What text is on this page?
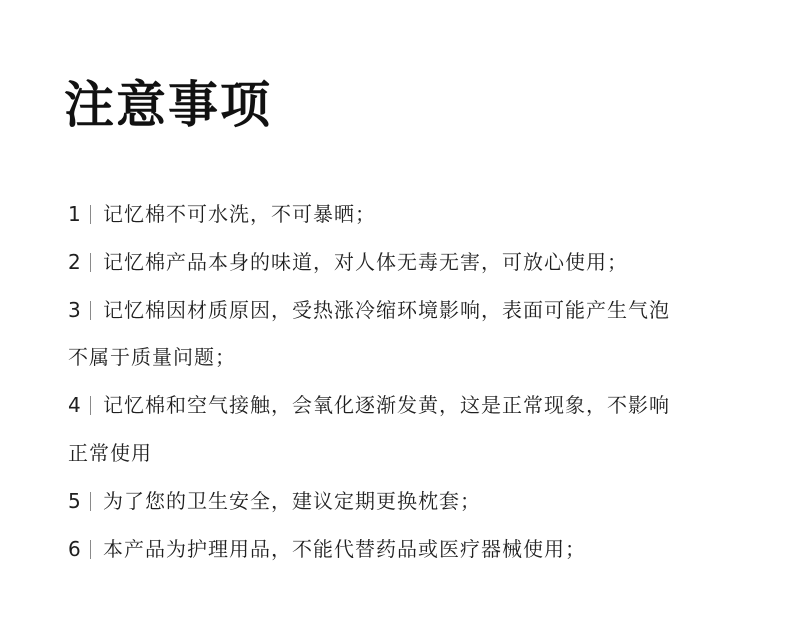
注意事项
1 记忆棉不可水洗，不可暴晒；
2 记忆棉产品本身的味道，对人体无毒无害，可放心使用；
3 记忆棉因材质原因，受热涨冷缩环境影响，表面可能产生气泡
不属于质量问题；
4 记忆棉和空气接触，会氧化逐渐发黄，这是正常现象，不影响
正常使用
5 为了您的卫生安全，建议定期更换枕套；
6 本产品为护理用品，不能代替药品或医疗器械使用；
